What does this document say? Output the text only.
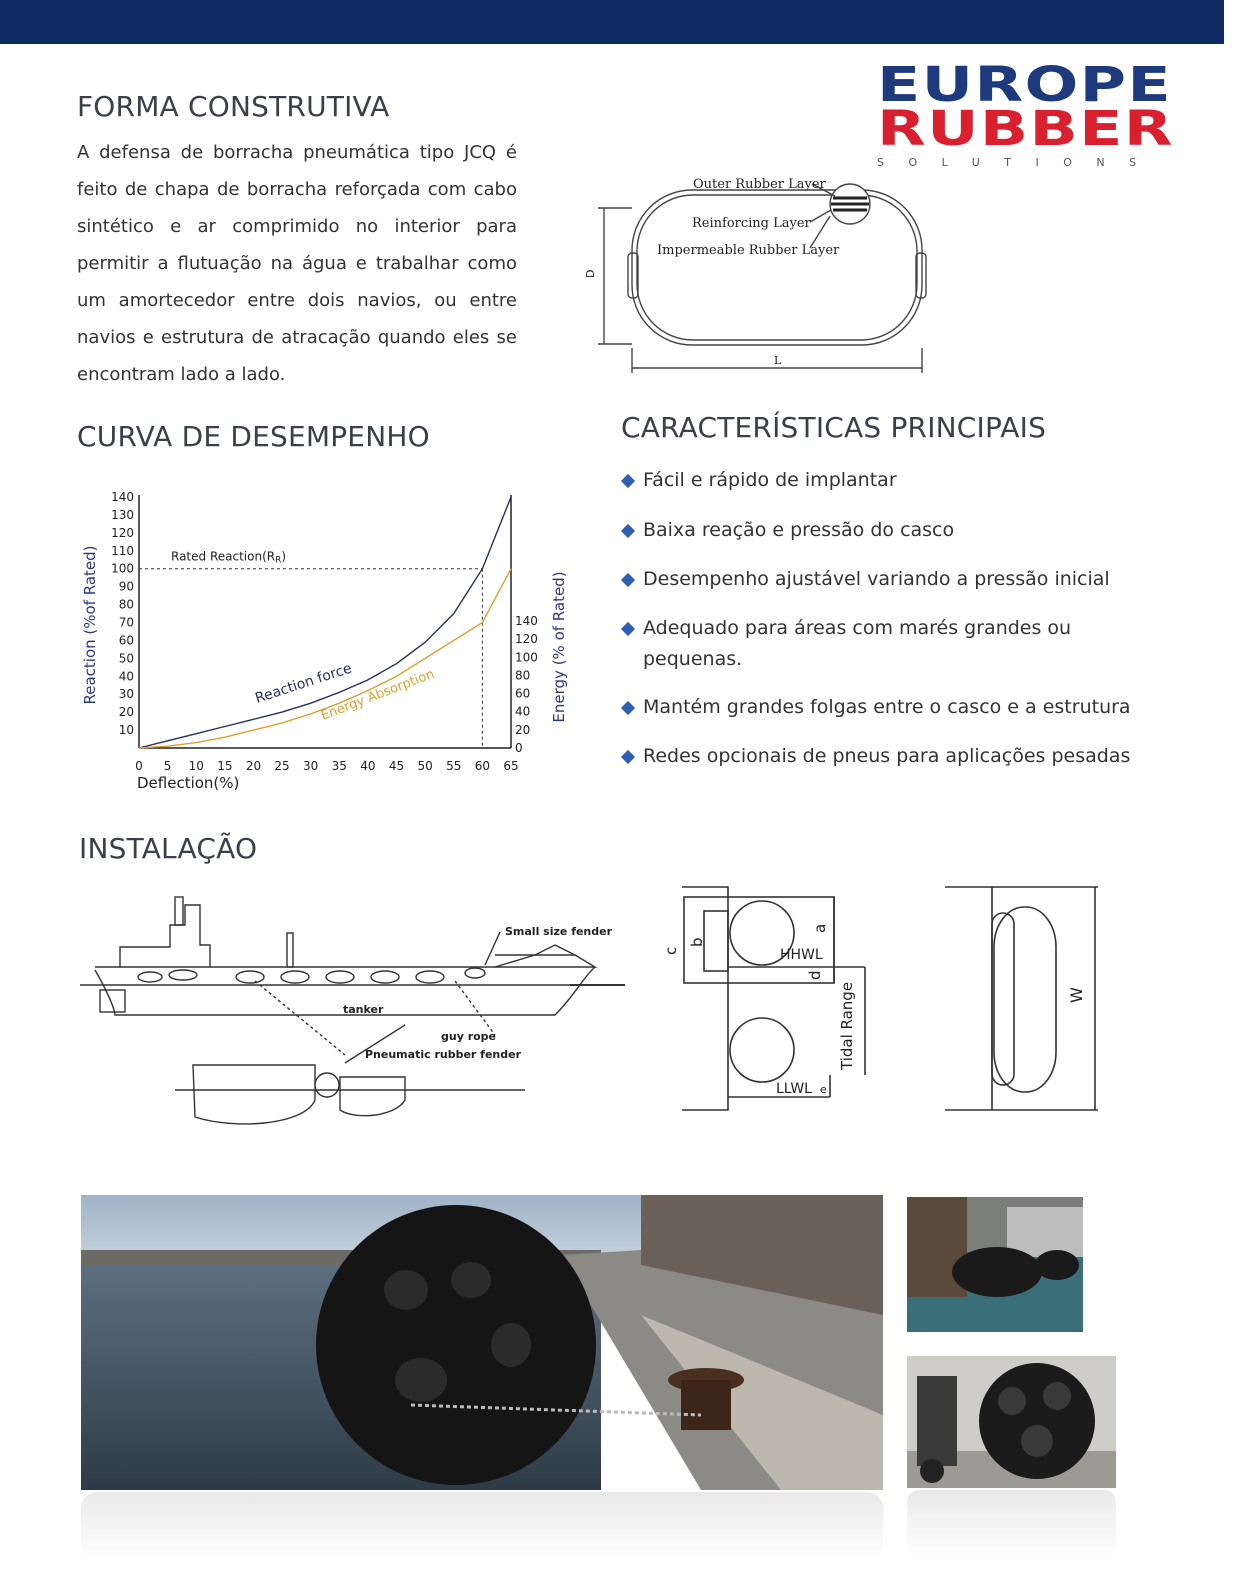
EUROPE
RUBBER
SOLUTIONS
FORMA CONSTRUTIVA

A defensa de borracha pneumática tipo JCQ é feito de chapa de borracha reforçada com cabo sintético e ar comprimido no interior para permitir a flutuação na água e trabalhar como um amortecedor entre dois navios, ou entre navios e estrutura de atracação quando eles se encontram lado a lado.

Outer Rubber Layer
Reinforcing Layer
Impermeable Rubber Layer
D
L
CURVA DE DESEMPENHO
10
20
30
40
50
60
70
80
90
100
110
120
130
140
0 5 10 15 20 25 30 35 40 45 50 55 60 65
0
20
40
60
80
100
120
140
Rated Reaction(RR)
Reaction force
Energy Absorption
Reaction (%of Rated)	Energy (% of Rated)
Deflection(%)
CARACTERÍSTICAS PRINCIPAIS
Fácil e rápido de implantar
Baixa reação e pressão do casco
Desempenho ajustável variando a pressão inicial
Adequado para áreas com marés grandes ou pequenas.
Mantém grandes folgas entre o casco e a estrutura
Redes opcionais de pneus para aplicações pesadas
INSTALAÇÃO
Small size fender
tanker
guy rope
Pneumatic rubber fender
c
b
a
d
HHWL
LLWL e
Tidal Range	W
